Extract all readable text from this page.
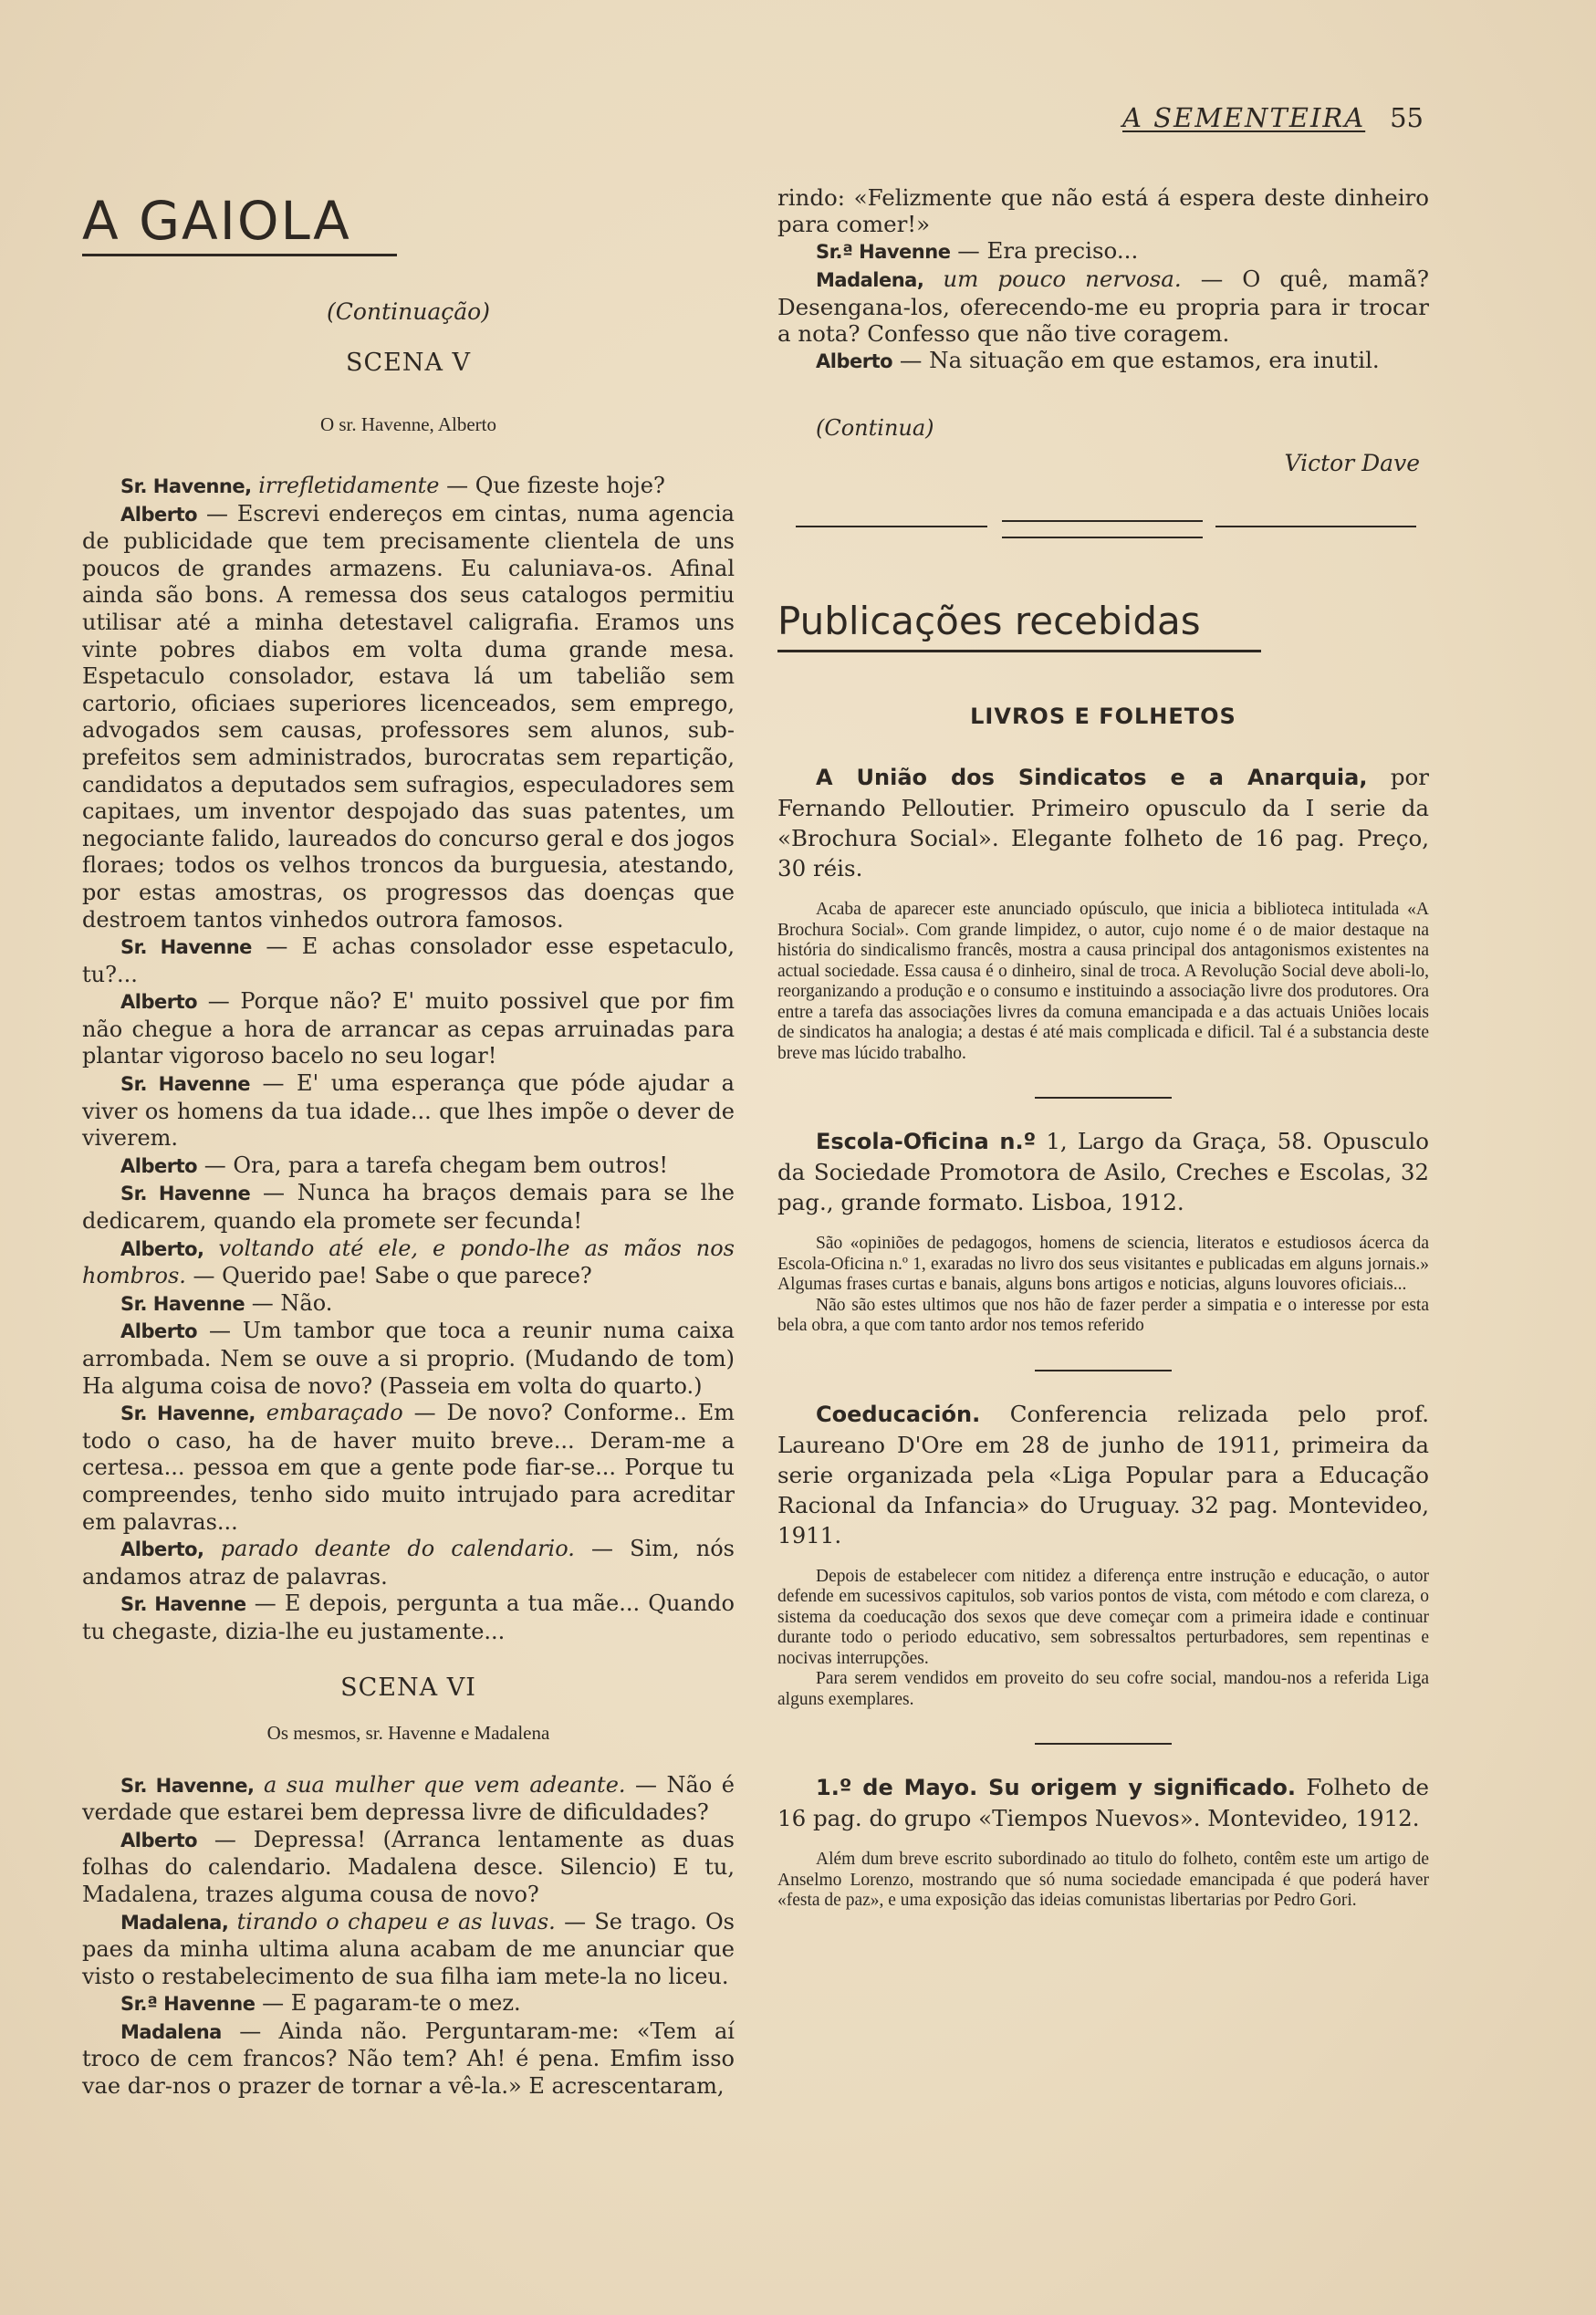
A SEMENTEIRA 55
A GAIOLA
(Continuação)
SCENA V
O sr. Havenne, Alberto

Sr. Havenne, irrefletidamente — Que fizeste hoje?

Alberto — Escrevi endereços em cintas, numa agencia de publicidade que tem precisamente clientela de uns poucos de grandes armazens. Eu caluniava-os. Afinal ainda são bons. A remessa dos seus catalogos permitiu utilisar até a minha detestavel caligrafia. Eramos uns vinte pobres diabos em volta duma grande mesa. Espetaculo consolador, estava lá um tabelião sem cartorio, oficiaes superiores licenceados, sem emprego, advogados sem causas, professores sem alunos, sub-prefeitos sem administrados, burocratas sem repartição, candidatos a deputados sem sufragios, especuladores sem capitaes, um inventor despojado das suas patentes, um negociante falido, laureados do concurso geral e dos jogos floraes; todos os velhos troncos da burguesia, atestando, por estas amostras, os progressos das doenças que destroem tantos vinhedos outrora famosos.

Sr. Havenne — E achas consolador esse espetaculo, tu?...

Alberto — Porque não? E' muito possivel que por fim não chegue a hora de arrancar as cepas arruinadas para plantar vigoroso bacelo no seu logar!

Sr. Havenne — E' uma esperança que póde ajudar a viver os homens da tua idade... que lhes impõe o dever de viverem.

Alberto — Ora, para a tarefa chegam bem outros!

Sr. Havenne — Nunca ha braços demais para se lhe dedicarem, quando ela promete ser fecunda!

Alberto, voltando até ele, e pondo-lhe as mãos nos hombros. — Querido pae! Sabe o que parece?

Sr. Havenne — Não.

Alberto — Um tambor que toca a reunir numa caixa arrombada. Nem se ouve a si proprio. (Mudando de tom) Ha alguma coisa de novo? (Passeia em volta do quarto.)

Sr. Havenne, embaraçado — De novo? Conforme.. Em todo o caso, ha de haver muito breve... Deram-me a certesa... pessoa em que a gente pode fiar-se... Porque tu compreendes, tenho sido muito intrujado para acreditar em palavras...

Alberto, parado deante do calendario. — Sim, nós andamos atraz de palavras.

Sr. Havenne — E depois, pergunta a tua mãe... Quando tu chegaste, dizia-lhe eu justamente...

SCENA VI
Os mesmos, sr. Havenne e Madalena

Sr. Havenne, a sua mulher que vem adeante. — Não é verdade que estarei bem depressa livre de dificuldades?

Alberto — Depressa! (Arranca lentamente as duas folhas do calendario. Madalena desce. Silencio) E tu, Madalena, trazes alguma cousa de novo?

Madalena, tirando o chapeu e as luvas. — Se trago. Os paes da minha ultima aluna acabam de me anunciar que visto o restabelecimento de sua filha iam mete-la no liceu.

Sr.ª Havenne — E pagaram-te o mez.

Madalena — Ainda não. Perguntaram-me: «Tem aí troco de cem francos? Não tem? Ah! é pena. Emfim isso vae dar-nos o prazer de tornar a vê-la.» E acrescentaram,

rindo: «Felizmente que não está á espera deste dinheiro para comer!»

Sr.ª Havenne — Era preciso...

Madalena, um pouco nervosa. — O quê, mamã? Desengana-los, oferecendo-me eu propria para ir trocar a nota? Confesso que não tive coragem.

Alberto — Na situação em que estamos, era inutil.

(Continua)
Victor Dave
Publicações recebidas
LIVROS E FOLHETOS

A União dos Sindicatos e a Anarquia, por Fernando Pelloutier. Primeiro opusculo da I serie da «Brochura Social». Elegante folheto de 16 pag. Preço, 30 réis.

Acaba de aparecer este anunciado opúsculo, que inicia a biblioteca intitulada «A Brochura Social». Com grande limpidez, o autor, cujo nome é o de maior destaque na história do sindicalismo francês, mostra a causa principal dos antagonismos existentes na actual sociedade. Essa causa é o dinheiro, sinal de troca. A Revolução Social deve aboli-lo, reorganizando a produção e o consumo e instituindo a associação livre dos produtores. Ora entre a tarefa das associações livres da comuna emancipada e a das actuais Uniões locais de sindicatos ha analogia; a destas é até mais complicada e dificil. Tal é a substancia deste breve mas lúcido trabalho.

Escola-Oficina n.º 1, Largo da Graça, 58. Opusculo da Sociedade Promotora de Asilo, Creches e Escolas, 32 pag., grande formato. Lisboa, 1912.

São «opiniões de pedagogos, homens de sciencia, literatos e estudiosos ácerca da Escola-Oficina n.º 1, exaradas no livro dos seus visitantes e publicadas em alguns jornais.» Algumas frases curtas e banais, alguns bons artigos e noticias, alguns louvores oficiais...

Não são estes ultimos que nos hão de fazer perder a simpatia e o interesse por esta bela obra, a que com tanto ardor nos temos referido

Coeducación. Conferencia relizada pelo prof. Laureano D'Ore em 28 de junho de 1911, primeira da serie organizada pela «Liga Popular para a Educação Racional da Infancia» do Uruguay. 32 pag. Montevideo, 1911.

Depois de estabelecer com nitidez a diferença entre instrução e educação, o autor defende em sucessivos capitulos, sob varios pontos de vista, com método e com clareza, o sistema da coeducação dos sexos que deve começar com a primeira idade e continuar durante todo o periodo educativo, sem sobressaltos perturbadores, sem repentinas e nocivas interrupções.

Para serem vendidos em proveito do seu cofre social, mandou-nos a referida Liga alguns exemplares.

1.º de Mayo. Su origem y significado. Folheto de 16 pag. do grupo «Tiempos Nuevos». Montevideo, 1912.

Além dum breve escrito subordinado ao titulo do folheto, contêm este um artigo de Anselmo Lorenzo, mostrando que só numa sociedade emancipada é que poderá haver «festa de paz», e uma exposição das ideias comunistas libertarias por Pedro Gori.
